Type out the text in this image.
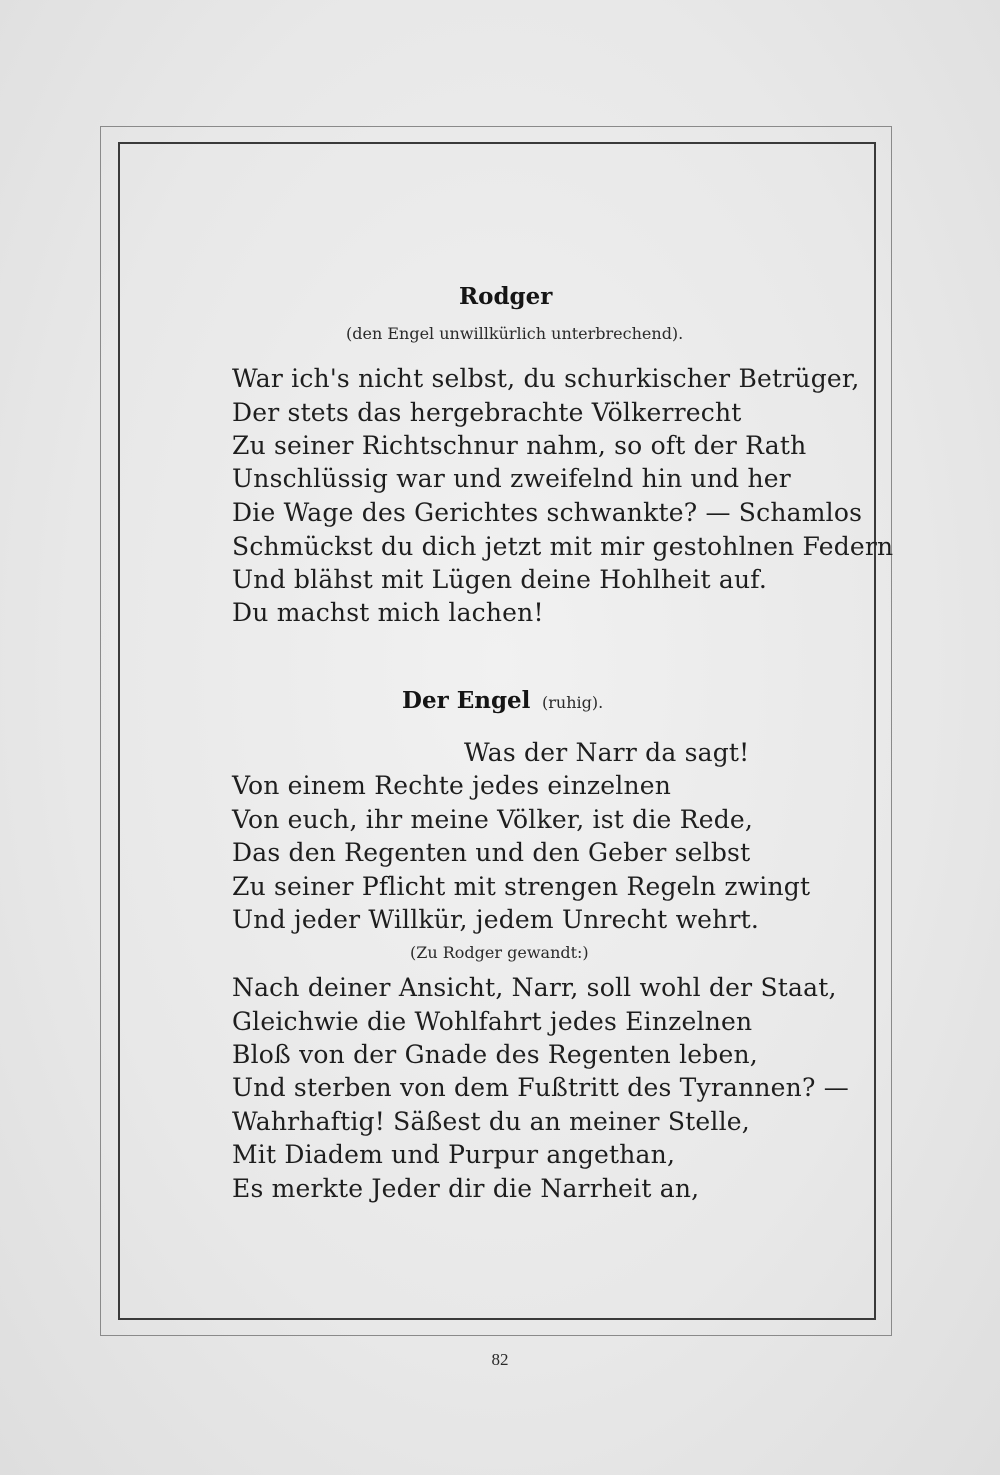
Rodger
(den Engel unwillkürlich unterbrechend).
War ich's nicht selbst, du schurkischer Betrüger,
Der stets das hergebrachte Völkerrecht
Zu seiner Richtschnur nahm, so oft der Rath
Unschlüssig war und zweifelnd hin und her
Die Wage des Gerichtes schwankte? — Schamlos
Schmückst du dich jetzt mit mir gestohlnen Federn
Und blähst mit Lügen deine Hohlheit auf.
Du machst mich lachen!
Der Engel (ruhig).
Was der Narr da sagt!
Von einem Rechte jedes einzelnen
Von euch, ihr meine Völker, ist die Rede,
Das den Regenten und den Geber selbst
Zu seiner Pflicht mit strengen Regeln zwingt
Und jeder Willkür, jedem Unrecht wehrt.
(Zu Rodger gewandt:)
Nach deiner Ansicht, Narr, soll wohl der Staat,
Gleichwie die Wohlfahrt jedes Einzelnen
Bloß von der Gnade des Regenten leben,
Und sterben von dem Fußtritt des Tyrannen? —
Wahrhaftig! Säßest du an meiner Stelle,
Mit Diadem und Purpur angethan,
Es merkte Jeder dir die Narrheit an,
82
